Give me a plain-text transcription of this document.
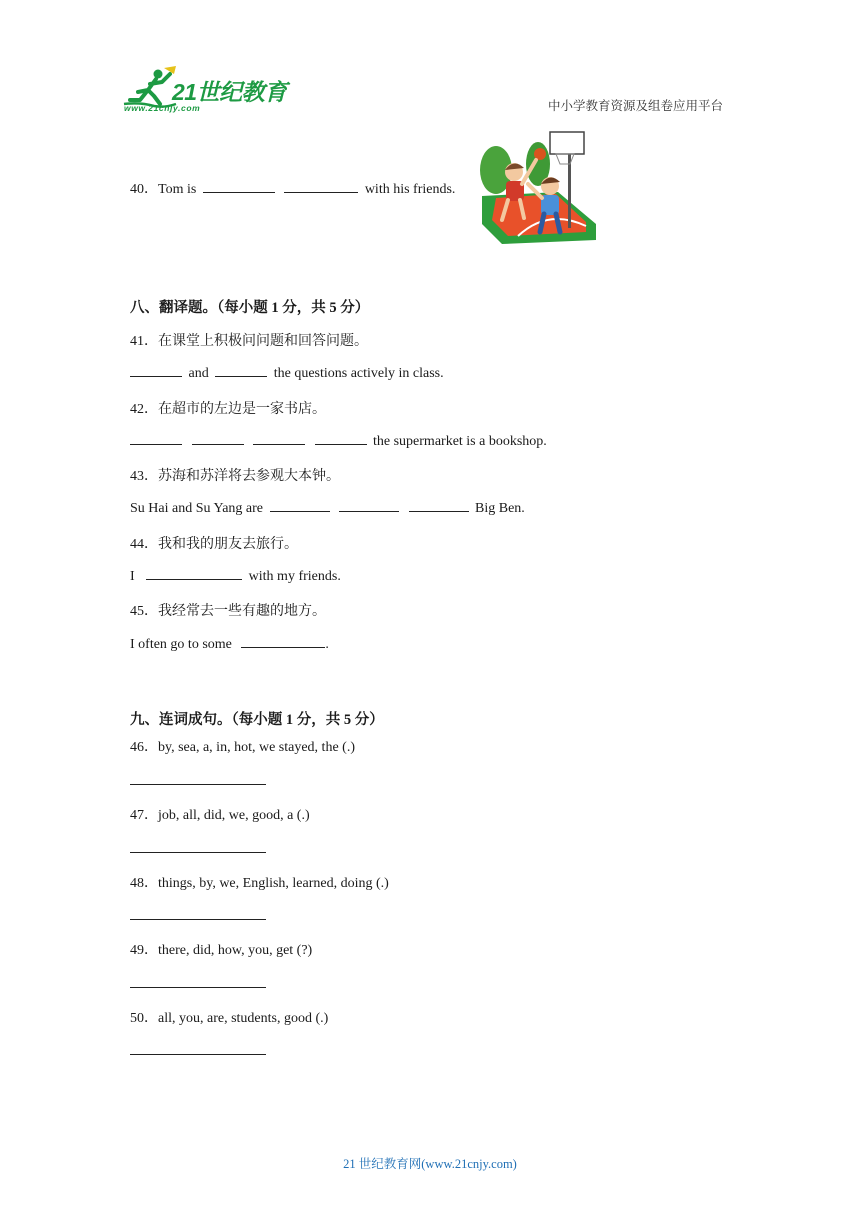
21世纪教育
www.21cnjy.com	中小学教育资源及组卷应用平台
40．Tom is	with his friends.
八、翻译题。（每小题 1 分，共 5 分）
41．在课堂上积极问问题和回答问题。
and	the questions actively in class.
42．在超市的左边是一家书店。
the supermarket is a bookshop.
43．苏海和苏洋将去参观大本钟。
Su Hai and Su Yang are	Big Ben.
44．我和我的朋友去旅行。
I	with my friends.
45．我经常去一些有趣的地方。
I often go to some	.
九、连词成句。（每小题 1 分，共 5 分）
46．by, sea, a, in, hot, we stayed, the (.)
47．job, all, did, we, good, a (.)
48．things, by, we, English, learned, doing (.)
49．there, did, how, you, get (?)
50．all, you, are, students, good (.)
21 世纪教育网(www.21cnjy.com)
